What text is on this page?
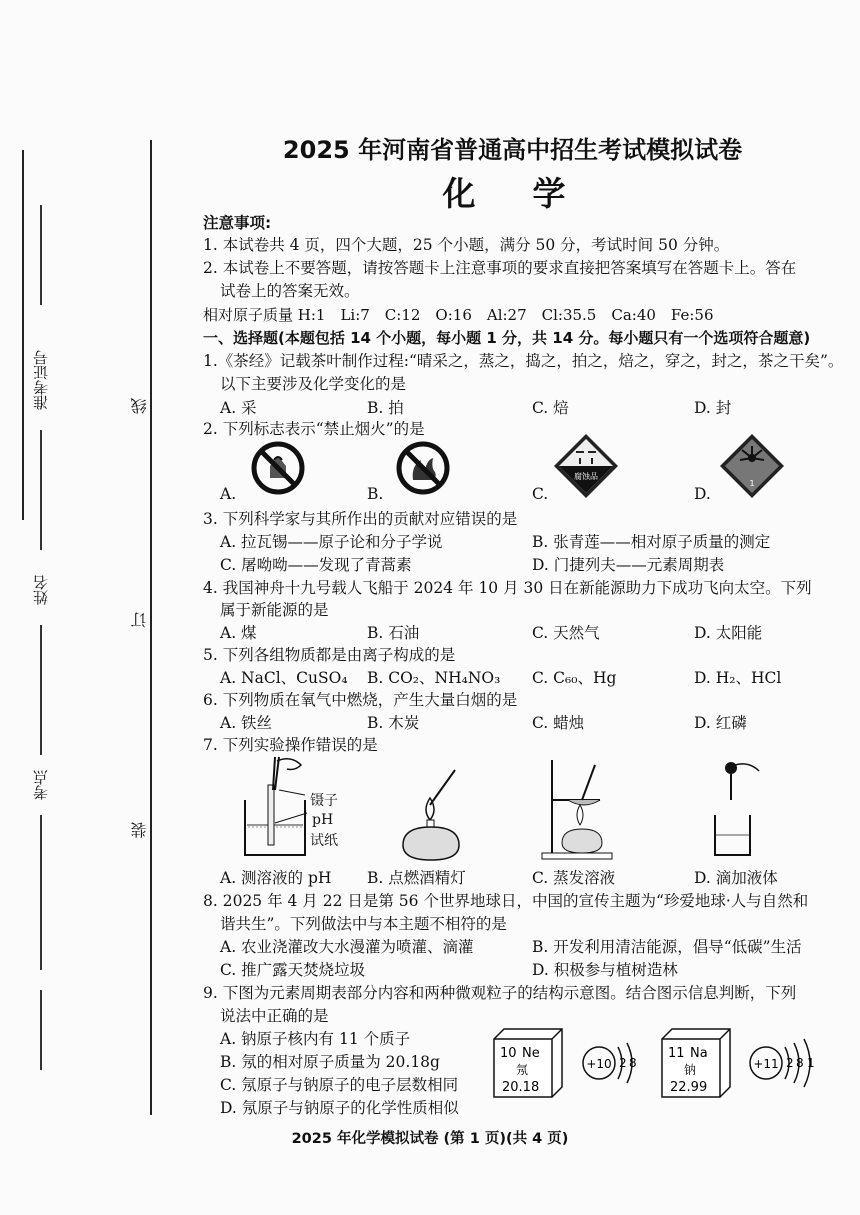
准考证号
姓名
考点
线
订
装
2025 年河南省普通高中招生考试模拟试卷
化　学
注意事项:
1. 本试卷共 4 页，四个大题，25 个小题，满分 50 分，考试时间 50 分钟。
2. 本试卷上不要答题，请按答题卡上注意事项的要求直接把答案填写在答题卡上。答在
试卷上的答案无效。
相对原子质量 H:1　Li:7　C:12　O:16　Al:27　Cl:35.5　Ca:40　Fe:56
一、选择题(本题包括 14 个小题，每小题 1 分，共 14 分。每小题只有一个选项符合题意)
1.《茶经》记载茶叶制作过程:“晴采之，蒸之，捣之，拍之，焙之，穿之，封之，茶之干矣”。
以下主要涉及化学变化的是
A. 采	B. 拍	C. 焙	D. 封
2. 下列标志表示“禁止烟火”的是
腐蚀品
1
A.	B.	C.	D.
3. 下列科学家与其所作出的贡献对应错误的是
A. 拉瓦锡——原子论和分子学说	B. 张青莲——相对原子质量的测定
C. 屠呦呦——发现了青蒿素	D. 门捷列夫——元素周期表
4. 我国神舟十九号载人飞船于 2024 年 10 月 30 日在新能源助力下成功飞向太空。下列
属于新能源的是
A. 煤	B. 石油	C. 天然气	D. 太阳能
5. 下列各组物质都是由离子构成的是
A. NaCl、CuSO₄ B. CO₂、NH₄NO₃ C. C₆₀、Hg	D. H₂、HCl
6. 下列物质在氧气中燃烧，产生大量白烟的是
A. 铁丝	B. 木炭	C. 蜡烛	D. 红磷
7. 下列实验操作错误的是
镊子
pH
试纸
A. 测溶液的 pH B. 点燃酒精灯	C. 蒸发溶液	D. 滴加液体
8. 2025 年 4 月 22 日是第 56 个世界地球日，中国的宣传主题为“珍爱地球·人与自然和
谐共生”。下列做法中与本主题不相符的是
A. 农业浇灌改大水漫灌为喷灌、滴灌	B. 开发利用清洁能源，倡导“低碳”生活
C. 推广露天焚烧垃圾	D. 积极参与植树造林
9. 下图为元素周期表部分内容和两种微观粒子的结构示意图。结合图示信息判断，下列
说法中正确的是
A. 钠原子核内有 11 个质子
B. 氖的相对原子质量为 20.18g
C. 氖原子与钠原子的电子层数相同
D. 氖原子与钠原子的化学性质相似
10 Ne
氖
20.18
+10 2 8
11 Na
钠
22.99
+11 2 8 1
2025 年化学模拟试卷 (第 1 页)(共 4 页)
